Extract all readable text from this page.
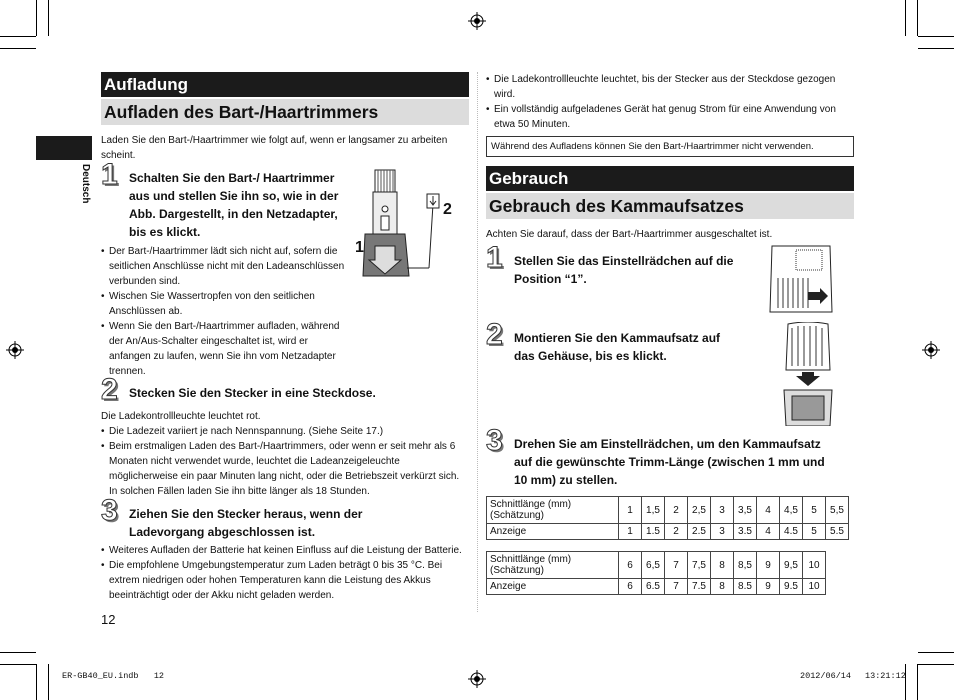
Deutsch
Aufladung
Aufladen des Bart-/Haartrimmers
Laden Sie den Bart-/Haartrimmer wie folgt auf, wenn er langsamer zu arbeiten scheint.
1 Schalten Sie den Bart-/ Haartrimmer aus und stellen Sie ihn so, wie in der Abb. Dargestellt, in den Netzadapter, bis es klickt.
1
2
• Der Bart-/Haartrimmer lädt sich nicht auf, sofern die seitlichen Anschlüsse nicht mit den Ladeanschlüssen verbunden sind.
• Wischen Sie Wassertropfen von den seitlichen Anschlüssen ab.
• Wenn Sie den Bart-/Haartrimmer aufladen, während der An/Aus-Schalter eingeschaltet ist, wird er anfangen zu laufen, wenn Sie ihn vom Netzadapter trennen.
2 Stecken Sie den Stecker in eine Steckdose.
Die Ladekontrollleuchte leuchtet rot.
• Die Ladezeit variiert je nach Nennspannung. (Siehe Seite 17.)
• Beim erstmaligen Laden des Bart-/Haartrimmers, oder wenn er seit mehr als 6 Monaten nicht verwendet wurde, leuchtet die Ladeanzeigeleuchte möglicherweise ein paar Minuten lang nicht, oder die Betriebszeit verkürzt sich. In solchen Fällen laden Sie ihn bitte länger als 18 Stunden.
3 Ziehen Sie den Stecker heraus, wenn der Ladevorgang abgeschlossen ist.
• Weiteres Aufladen der Batterie hat keinen Einfluss auf die Leistung der Batterie.
• Die empfohlene Umgebungstemperatur zum Laden beträgt 0 bis 35 °C. Bei extrem niedrigen oder hohen Temperaturen kann die Leistung des Akkus beeinträchtigt oder der Akku nicht geladen werden.
12
• Die Ladekontrollleuchte leuchtet, bis der Stecker aus der Steckdose gezogen wird.
• Ein vollständig aufgeladenes Gerät hat genug Strom für eine Anwendung von etwa 50 Minuten.
Während des Aufladens können Sie den Bart-/Haartrimmer nicht verwenden.
Gebrauch
Gebrauch des Kammaufsatzes
Achten Sie darauf, dass der Bart-/Haartrimmer ausgeschaltet ist.
1 Stellen Sie das Einstellrädchen auf die Position “1”.
2 Montieren Sie den Kammaufsatz auf das Gehäuse, bis es klickt.
3 Drehen Sie am Einstellrädchen, um den Kammaufsatz auf die gewünschte Trimm-Länge (zwischen 1 mm und 10 mm) zu stellen.
Schnittlänge (mm) (Schätzung)	1	1,5	2	2,5	3	3,5	4	4,5	5	5,5
Anzeige	1	1.5	2	2.5	3	3.5	4	4.5	5	5.5
Schnittlänge (mm) (Schätzung)	6	6,5	7	7,5	8	8,5	9	9,5	10
Anzeige	6	6.5	7	7.5	8	8.5	9	9.5	10
ER-GB40_EU.indb   12	2012/06/14 13:21:12
